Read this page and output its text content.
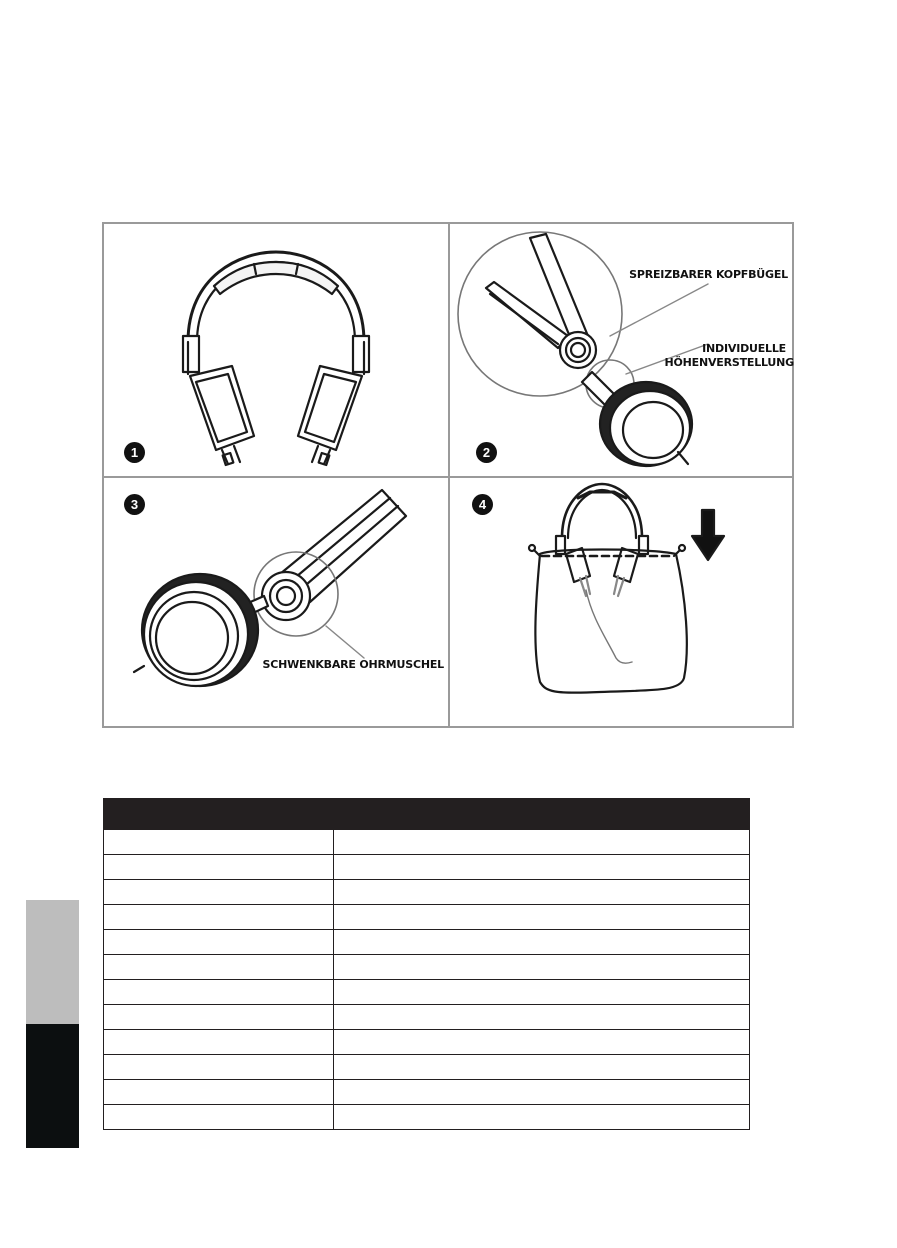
1
SPREIZBARER KOPFBÜGEL
INDIVIDUELLE
HÖHENVERSTELLUNG
2
SCHWENKBARE OHRMUSCHEL
3	4
